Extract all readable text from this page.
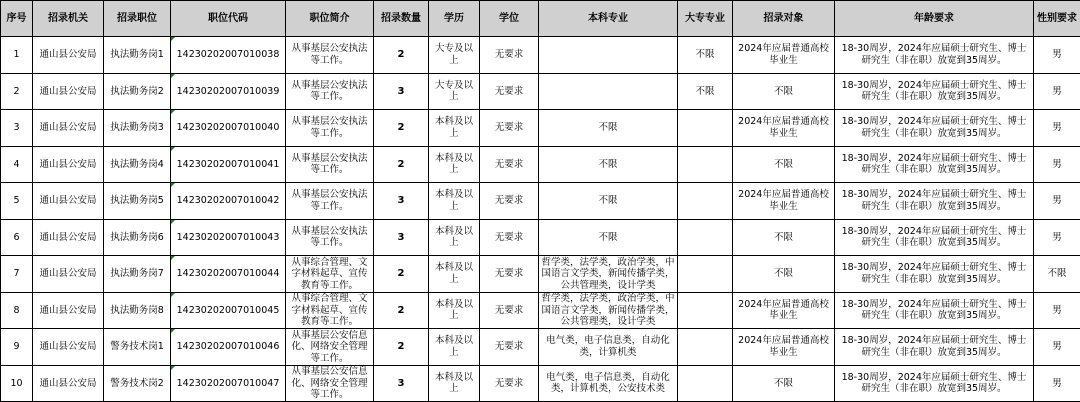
序号	招录机关	招录职位	职位代码	职位简介	招录数量	学历	学位	本科专业	大专专业	招录对象	年龄要求	性别要求
1	通山县公安局	执法勤务岗1	14230202007010038	从事基层公安执法等工作。	2	大专及以上	无要求		不限	2024年应届普通高校毕业生	18-30周岁，2024年应届硕士研究生、博士研究生（非在职）放宽到35周岁。	男
2	通山县公安局	执法勤务岗2	14230202007010039	从事基层公安执法等工作。	3	大专及以上	无要求		不限	不限	18-30周岁，2024年应届硕士研究生、博士研究生（非在职）放宽到35周岁。	男
3	通山县公安局	执法勤务岗3	14230202007010040	从事基层公安执法等工作。	2	本科及以上	无要求	不限		2024年应届普通高校毕业生	18-30周岁，2024年应届硕士研究生、博士研究生（非在职）放宽到35周岁。	男
4	通山县公安局	执法勤务岗4	14230202007010041	从事基层公安执法等工作。	2	本科及以上	无要求	不限		不限	18-30周岁，2024年应届硕士研究生、博士研究生（非在职）放宽到35周岁。	男
5	通山县公安局	执法勤务岗5	14230202007010042	从事基层公安执法等工作。	3	本科及以上	无要求	不限		2024年应届普通高校毕业生	18-30周岁，2024年应届硕士研究生、博士研究生（非在职）放宽到35周岁。	男
6	通山县公安局	执法勤务岗6	14230202007010043	从事基层公安执法等工作。	3	本科及以上	无要求	不限		不限	18-30周岁，2024年应届硕士研究生、博士研究生（非在职）放宽到35周岁。	男
7	通山县公安局	执法勤务岗7	14230202007010044	从事综合管理、文字材料起草、宣传教育等工作。	2	本科及以上	无要求	哲学类，法学类，政治学类，中国语言文学类，新闻传播学类，公共管理类，设计学类		不限	18-30周岁，2024年应届硕士研究生、博士研究生（非在职）放宽到35周岁。	不限
8	通山县公安局	执法勤务岗8	14230202007010045	从事综合管理、文字材料起草、宣传教育等工作。	2	本科及以上	无要求	哲学类，法学类，政治学类，中国语言文学类，新闻传播学类，公共管理类，设计学类		2024年应届普通高校毕业生	18-30周岁，2024年应届硕士研究生、博士研究生（非在职）放宽到35周岁。	男
9	通山县公安局	警务技术岗1	14230202007010046	从事基层公安信息化、网络安全管理等工作。	2	本科及以上	无要求	电气类，电子信息类，自动化类，计算机类		2024年应届普通高校毕业生	18-30周岁，2024年应届硕士研究生、博士研究生（非在职）放宽到35周岁。	男
10	通山县公安局	警务技术岗2	14230202007010047	从事基层公安信息化、网络安全管理等工作。	3	本科及以上	无要求	电气类，电子信息类，自动化类，计算机类，公安技术类		不限	18-30周岁，2024年应届硕士研究生、博士研究生（非在职）放宽到35周岁。	男
